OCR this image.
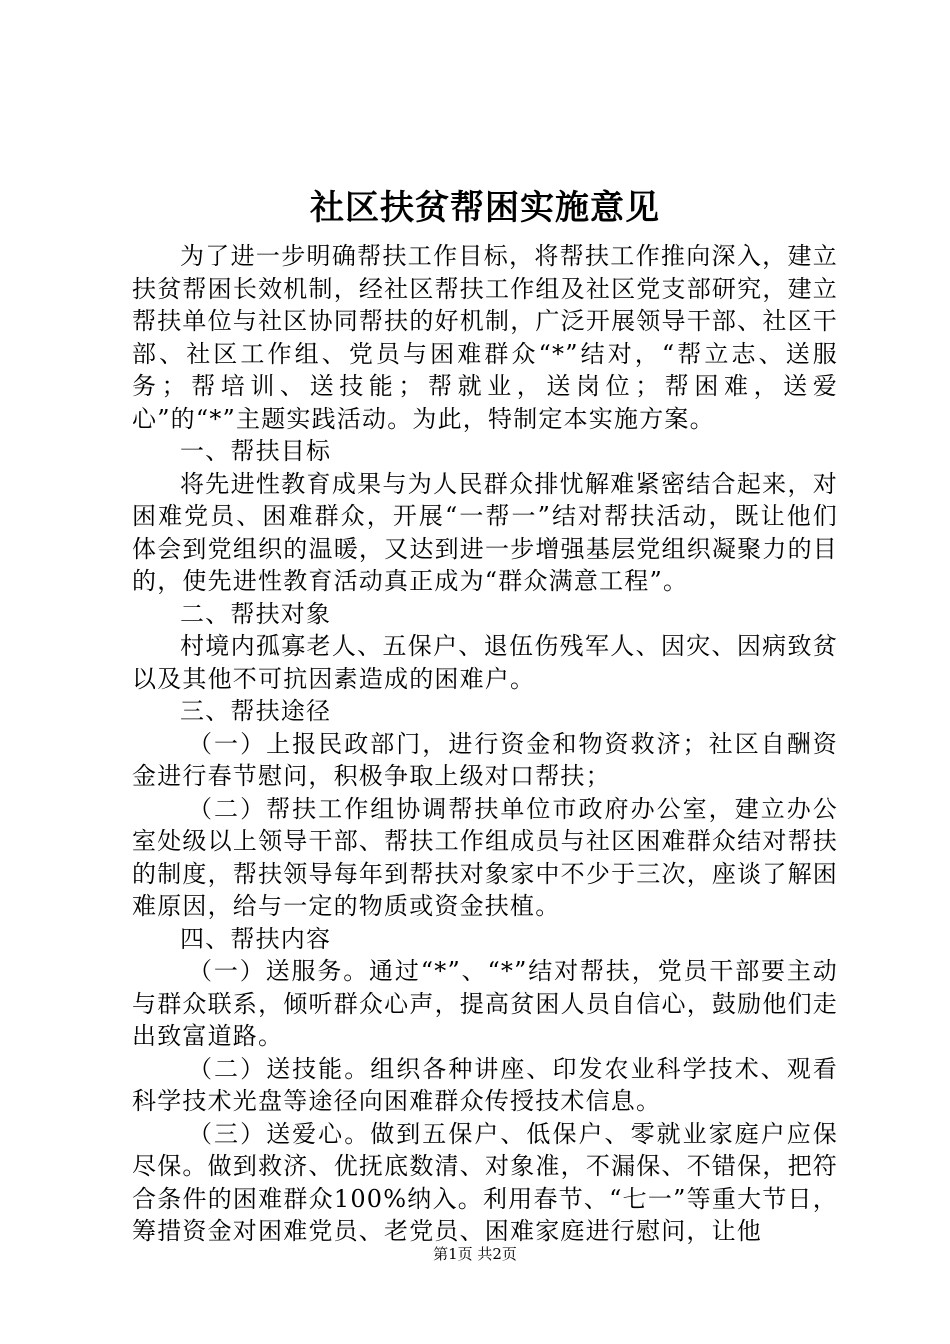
社区扶贫帮困实施意见

为了进一步明确帮扶工作目标，将帮扶工作推向深入，建立扶贫帮困长效机制，经社区帮扶工作组及社区党支部研究，建立帮扶单位与社区协同帮扶的好机制，广泛开展领导干部、社区干部、社区工作组、党员与困难群众“*”结对，“帮立志、送服务；帮培训、送技能；帮就业，送岗位；帮困难，送爱心”的“*”主题实践活动。为此，特制定本实施方案。

一、帮扶目标

将先进性教育成果与为人民群众排忧解难紧密结合起来，对困难党员、困难群众，开展“一帮一”结对帮扶活动，既让他们体会到党组织的温暖，又达到进一步增强基层党组织凝聚力的目的，使先进性教育活动真正成为“群众满意工程”。

二、帮扶对象

村境内孤寡老人、五保户、退伍伤残军人、因灾、因病致贫以及其他不可抗因素造成的困难户。

三、帮扶途径

（一）上报民政部门，进行资金和物资救济；社区自酬资金进行春节慰问，积极争取上级对口帮扶；

（二）帮扶工作组协调帮扶单位市政府办公室，建立办公室处级以上领导干部、帮扶工作组成员与社区困难群众结对帮扶的制度，帮扶领导每年到帮扶对象家中不少于三次，座谈了解困难原因，给与一定的物质或资金扶植。

四、帮扶内容

（一）送服务。通过“*”、“*”结对帮扶，党员干部要主动与群众联系，倾听群众心声，提高贫困人员自信心，鼓励他们走出致富道路。

（二）送技能。组织各种讲座、印发农业科学技术、观看科学技术光盘等途径向困难群众传授技术信息。

（三）送爱心。做到五保户、低保户、零就业家庭户应保尽保。做到救济、优抚底数清、对象准，不漏保、不错保，把符合条件的困难群众100%纳入。利用春节、“七一”等重大节日，筹措资金对困难党员、老党员、困难家庭进行慰问，让他

第1页 共2页
